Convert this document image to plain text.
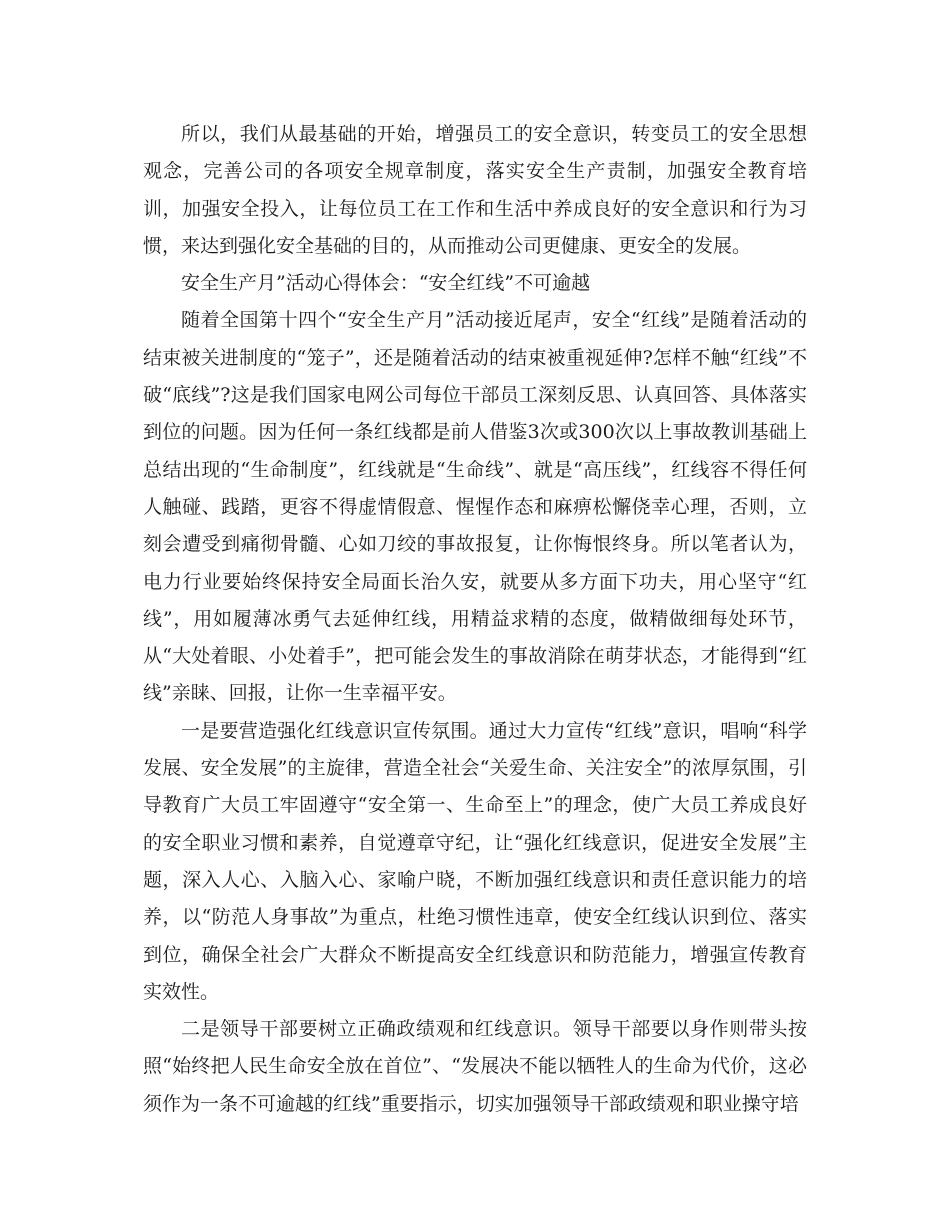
所以，我们从最基础的开始，增强员工的安全意识，转变员工的安全思想观念，完善公司的各项安全规章制度，落实安全生产责制，加强安全教育培训，加强安全投入，让每位员工在工作和生活中养成良好的安全意识和行为习惯，来达到强化安全基础的目的，从而推动公司更健康、更安全的发展。

安全生产月”活动心得体会：“安全红线”不可逾越

随着全国第十四个“安全生产月”活动接近尾声，安全“红线”是随着活动的结束被关进制度的“笼子”，还是随着活动的结束被重视延伸?怎样不触“红线”不破“底线”?这是我们国家电网公司每位干部员工深刻反思、认真回答、具体落实到位的问题。因为任何一条红线都是前人借鉴3次或300次以上事故教训基础上总结出现的“生命制度”，红线就是“生命线”、就是“高压线”，红线容不得任何人触碰、践踏，更容不得虚情假意、惺惺作态和麻痹松懈侥幸心理，否则，立刻会遭受到痛彻骨髓、心如刀绞的事故报复，让你悔恨终身。所以笔者认为，电力行业要始终保持安全局面长治久安，就要从多方面下功夫，用心坚守“红线”，用如履薄冰勇气去延伸红线，用精益求精的态度，做精做细每处环节，从“大处着眼、小处着手”，把可能会发生的事故消除在萌芽状态，才能得到“红线”亲睐、回报，让你一生幸福平安。

一是要营造强化红线意识宣传氛围。通过大力宣传“红线”意识，唱响“科学发展、安全发展”的主旋律，营造全社会“关爱生命、关注安全”的浓厚氛围，引导教育广大员工牢固遵守“安全第一、生命至上”的理念，使广大员工养成良好的安全职业习惯和素养，自觉遵章守纪，让“强化红线意识，促进安全发展”主题，深入人心、入脑入心、家喻户晓，不断加强红线意识和责任意识能力的培养，以“防范人身事故”为重点，杜绝习惯性违章，使安全红线认识到位、落实到位，确保全社会广大群众不断提高安全红线意识和防范能力，增强宣传教育实效性。

二是领导干部要树立正确政绩观和红线意识。领导干部要以身作则带头按照“始终把人民生命安全放在首位”、“发展决不能以牺牲人的生命为代价，这必须作为一条不可逾越的红线”重要指示，切实加强领导干部政绩观和职业操守培
